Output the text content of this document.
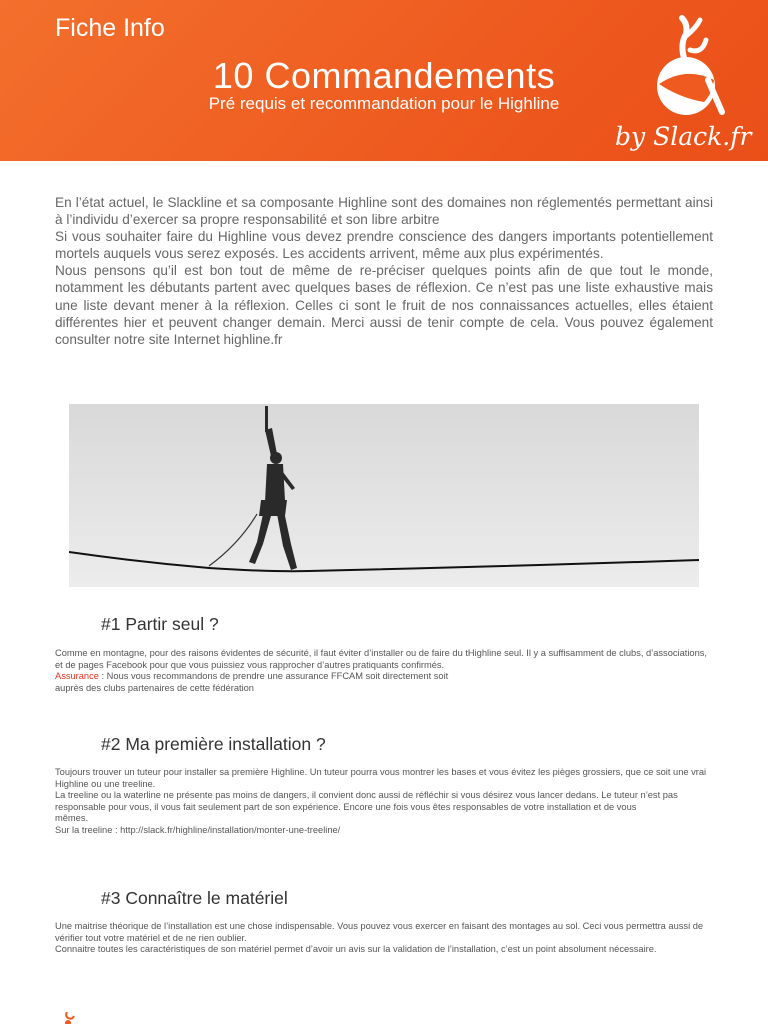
Fiche Info
10 Commandements
Pré requis et recommandation pour le Highline
by Slack.fr

En l’état actuel, le Slackline et sa composante Highline sont des domaines non réglementés permettant ainsi à l’individu d’exercer sa propre responsabilité et son libre arbitre

Si vous souhaiter faire du Highline vous devez prendre conscience des dangers importants potentiellement mortels auquels vous serez exposés. Les accidents arrivent, même aux plus expérimentés.

Nous pensons qu’il est bon tout de même de re-préciser quelques points afin de que tout le monde, notamment les débutants partent avec quelques bases de réflexion. Ce n’est pas une liste exhaustive mais une liste devant mener à la réflexion. Celles ci sont le fruit de nos connaissances actuelles, elles étaient différentes hier et peuvent changer demain. Merci aussi de tenir compte de cela. Vous pouvez également consulter notre site Internet highline.fr

#1 Partir seul ?

Comme en montagne, pour des raisons évidentes de sécurité, il faut éviter d’installer ou de faire du tHighline seul. Il y a suffisamment de clubs, d’associations, et de pages Facebook pour que vous puissiez vous rapprocher d’autres pratiquants confirmés.

Assurance : Nous vous recommandons de prendre une assurance FFCAM soit directement soit

auprès des clubs partenaires de cette fédération

#2 Ma première installation ?

Toujours trouver un tuteur pour installer sa première Highline. Un tuteur pourra vous montrer les bases et vous évitez les pièges grossiers, que ce soit une vrai Highline ou une treeline.

La treeline ou la waterline ne présente pas moins de dangers, il convient donc aussi de réfléchir si vous désirez vous lancer dedans. Le tuteur n’est pas responsable pour vous, il vous fait seulement part de son expérience. Encore une fois vous êtes responsables de votre installation et de vous

mêmes.

Sur la treeline : http://slack.fr/highline/installation/monter-une-treeline/

#3 Connaître le matériel

Une maitrise théorique de l’installation est une chose indispensable. Vous pouvez vous exercer en faisant des montages au sol. Ceci vous permettra aussi de vérifier tout votre matériel et de ne rien oublier.

Connaitre toutes les caractéristiques de son matériel permet d’avoir un avis sur la validation de l’installation, c’est un point absolument nécessaire.
